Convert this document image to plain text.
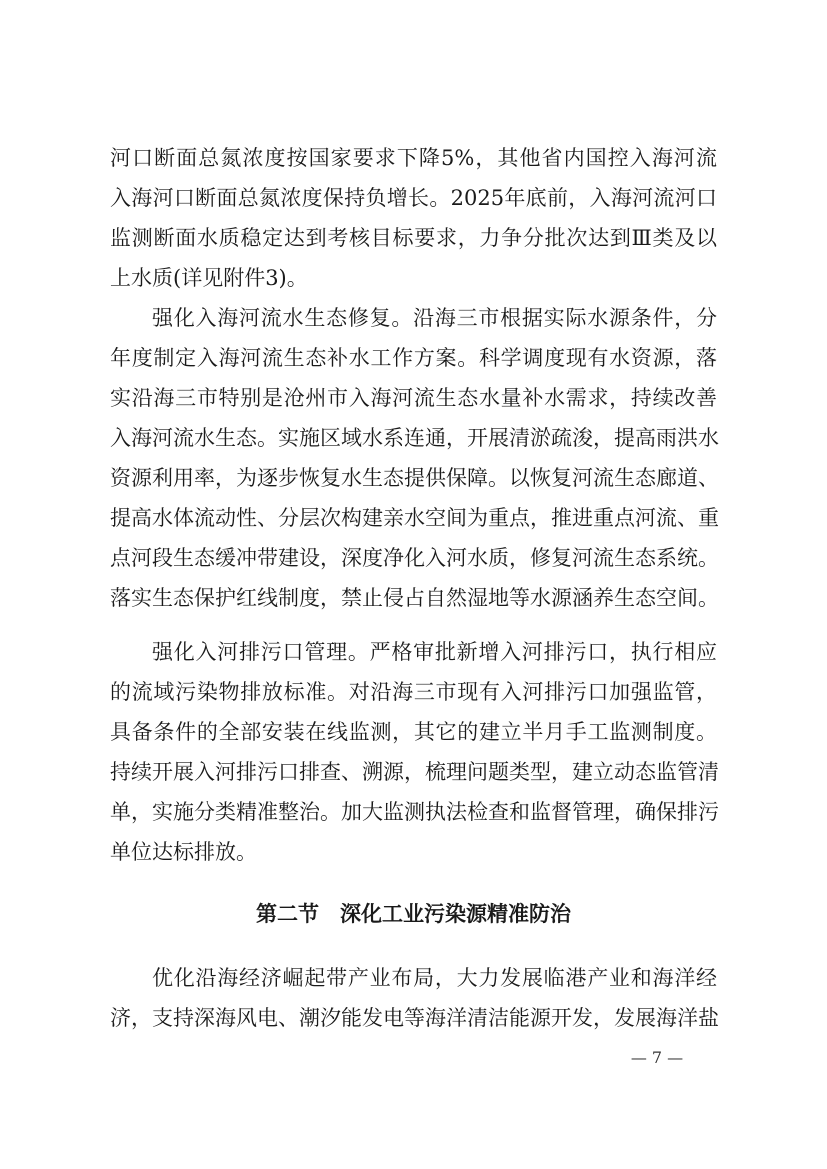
河口断面总氮浓度按国家要求下降5%，其他省内国控入海河流
入海河口断面总氮浓度保持负增长。2025年底前，入海河流河口
监测断面水质稳定达到考核目标要求，力争分批次达到Ⅲ类及以
上水质(详见附件3)。
强化入海河流水生态修复。沿海三市根据实际水源条件，分
年度制定入海河流生态补水工作方案。科学调度现有水资源，落
实沿海三市特别是沧州市入海河流生态水量补水需求，持续改善
入海河流水生态。实施区域水系连通，开展清淤疏浚，提高雨洪水
资源利用率，为逐步恢复水生态提供保障。以恢复河流生态廊道、
提高水体流动性、分层次构建亲水空间为重点，推进重点河流、重
点河段生态缓冲带建设，深度净化入河水质，修复河流生态系统。
落实生态保护红线制度，禁止侵占自然湿地等水源涵养生态空间。
强化入河排污口管理。严格审批新增入河排污口，执行相应
的流域污染物排放标准。对沿海三市现有入河排污口加强监管，
具备条件的全部安装在线监测，其它的建立半月手工监测制度。
持续开展入河排污口排查、溯源，梳理问题类型，建立动态监管清
单，实施分类精准整治。加大监测执法检查和监督管理，确保排污
单位达标排放。
第二节　深化工业污染源精准防治
优化沿海经济崛起带产业布局，大力发展临港产业和海洋经
济，支持深海风电、潮汐能发电等海洋清洁能源开发，发展海洋盐
— 7 —
